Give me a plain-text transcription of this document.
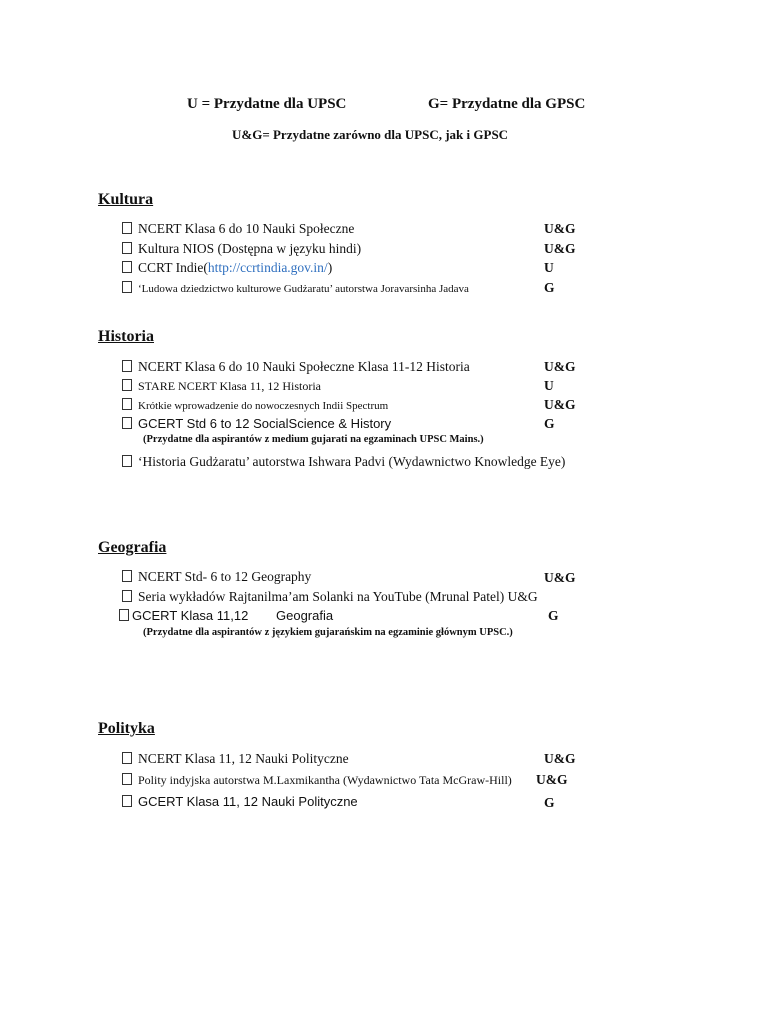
U = Przydatne dla UPSC	G= Przydatne dla GPSC
U&G= Przydatne zarówno dla UPSC, jak i GPSC
Kultura
NCERT Klasa 6 do 10 Nauki Społeczne	U&G
Kultura NIOS (Dostępna w języku hindi)	U&G
CCRT Indie(http://ccrtindia.gov.in/)	U
‘Ludowa dziedzictwo kulturowe Gudżaratu’ autorstwa Joravarsinha Jadava	G
Historia
NCERT Klasa 6 do 10 Nauki Społeczne Klasa 11-12 Historia	U&G
STARE NCERT Klasa 11, 12 Historia	U
Krótkie wprowadzenie do nowoczesnych Indii Spectrum	U&G
GCERT Std 6 to 12 SocialScience & History	G
(Przydatne dla aspirantów z medium gujarati na egzaminach UPSC Mains.)
‘Historia Gudżaratu’ autorstwa Ishwara Padvi (Wydawnictwo Knowledge Eye)
Geografia
NCERT Std- 6 to 12 Geography	U&G
Seria wykładów Rajtanilma’am Solanki na YouTube (Mrunal Patel) U&G
GCERT Klasa 11,12 Geografia	G
(Przydatne dla aspirantów z językiem gujarańskim na egzaminie głównym UPSC.)
Polityka
NCERT Klasa 11, 12 Nauki Polityczne	U&G
Polity indyjska autorstwa M.Laxmikantha (Wydawnictwo Tata McGraw-Hill) U&G
GCERT Klasa 11, 12 Nauki Polityczne	G
